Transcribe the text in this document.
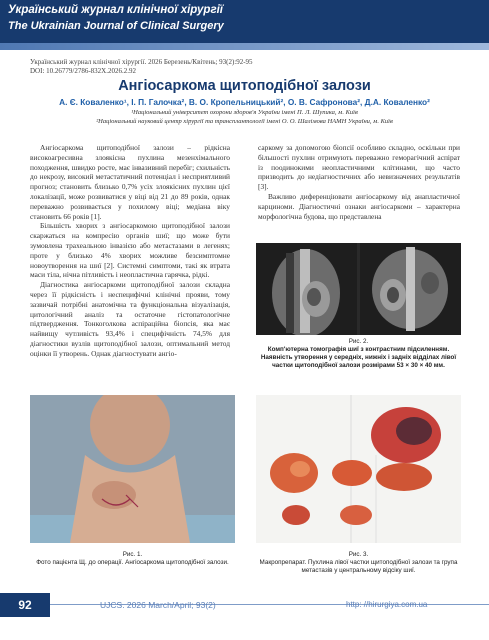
Український журнал клінічної хірургії
The Ukrainian Journal of Clinical Surgery
Український журнал клінічної хірургії. 2026 Березень/Квітень; 93(2):92-95
DOI: 10.26779/2786-832X.2026.2.92
Ангіосаркома щитоподібної залози
А. Є. Коваленко¹, І. П. Галочка², В. О. Кропельницький², О. В. Сафронова², Д.А. Коваленко²
¹Національний університет охорони здоров'я України імені П. Л. Шупика, м. Київ
²Національний науковий центр хірургії та трансплантології імені О. О. Шалімова НАМН України, м. Київ

Ангіосаркома щитоподібної залози – рідкісна високоагресивна злоякісна пухлина мезенхімального походження, швидко росте, має інвазивний перебіг; схильність до некрозу, високий метастатичний потенціал і несприятливий прогноз; становить близько 0,7% усіх злоякісних пухлин цієї локалізації, може розвиватися у віці від 21 до 89 років, однак переважно розвивається у похилому віці; медіана віку становить 66 років [1].

Більшість хворих з ангіосаркомою щитоподібної залози скаржаться на компресію органів шиї; що може бути зумовлена трахеальною інвазією або метастазами в легенях; проте у близько 4% хворих можливе безсимптомне новоутворення на шиї [2]. Системні симптоми, такі як втрата маси тіла, нічна пітливість і неопластична гарячка, рідкі.

Діагностика ангіосаркоми щитоподібної залози складна через її рідкісність і неспецифічні клінічні прояви, тому зазвичай потрібні анатомічна та функціональна візуалізація, цитологічний аналіз та остаточне гістопатологічне підтвердження. Тонкоголкова аспіраційна біопсія, яка має найвищу чутливість 93,4% і специфічність 74,5% для діагностики вузлів щитоподібної залози, оптимальний метод оцінки її утворень. Однак діагностувати ангіо-

саркому за допомогою біопсії особливо складно, оскільки при більшості пухлин отримують переважно геморагічний аспірат із поодинокими неопластичними клітинами, що часто призводить до недіагностичних або невизначених результатів [3].

Важливо диференціювати ангіосаркому від анапластичної карциноми. Діагностичні ознаки ангіосаркоми – характерна морфологічна будова, що представлена

Рис. 2.
Комп'ютерна томографія шиї з контрастним підсиленням. Наявність утворення у середніх, нижніх і задніх відділах лівої частки щитоподібної залози розмірами 53 × 30 × 40 мм.
Рис. 1.
Фото пацієнта Щ. до операції. Ангіосаркома щитоподібної залози.
Рис. 3.
Макропрепарат. Пухлина лівої частки щитоподібної залози та група метастазів у центральному відсіку шиї.
92	UJCS. 2026 March/April; 93(2)	http: //hirurgiya.com.ua
